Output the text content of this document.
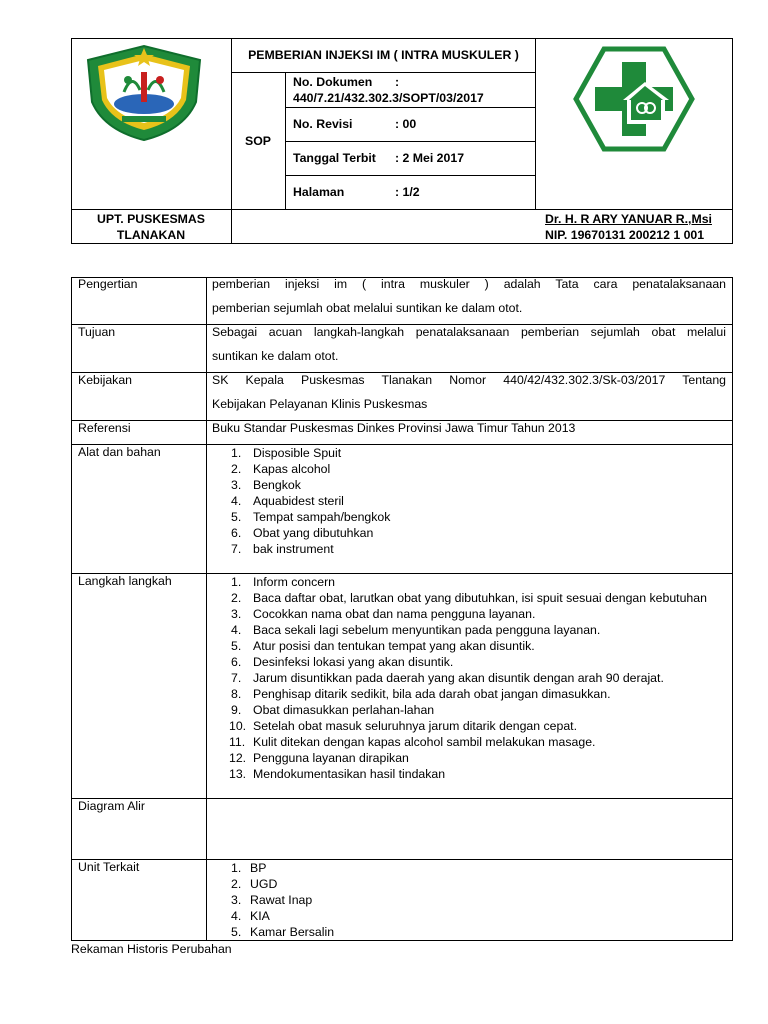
PEMBERIAN INJEKSI IM ( INTRA MUSKULER )
SOP
No. Dokumen :
440/7.21/432.302.3/SOPT/03/2017
No. Revisi	: 00
Tanggal Terbit : 2 Mei 2017
Halaman	: 1/2
UPT. PUSKESMAS
TLANAKAN
Dr. H. R ARY YANUAR R.,Msi
NIP. 19670131 200212 1 001
Pengertian	pemberian injeksi im ( intra muskuler ) adalah Tata cara penatalaksanaan
pemberian sejumlah obat melalui suntikan ke dalam otot.
Tujuan	Sebagai acuan langkah-langkah penatalaksanaan pemberian sejumlah obat melalui
suntikan ke dalam otot.
Kebijakan	SK Kepala Puskesmas Tlanakan Nomor 440/42/432.302.3/Sk-03/2017 Tentang
Kebijakan Pelayanan Klinis Puskesmas
Referensi	Buku Standar Puskesmas Dinkes Provinsi Jawa Timur Tahun 2013
Alat dan bahan	1. Disposible Spuit
2. Kapas alcohol
3. Bengkok
4. Aquabidest steril
5. Tempat sampah/bengkok
6. Obat yang dibutuhkan
7. bak instrument
Langkah langkah	1. Inform concern
2. Baca daftar obat, larutkan obat yang dibutuhkan, isi spuit sesuai dengan kebutuhan
3. Cocokkan nama obat dan nama pengguna layanan.
4. Baca sekali lagi sebelum menyuntikan pada pengguna layanan.
5. Atur posisi dan tentukan tempat yang akan disuntik.
6. Desinfeksi lokasi yang akan disuntik.
7. Jarum disuntikkan pada daerah yang akan disuntik dengan arah 90 derajat.
8. Penghisap ditarik sedikit, bila ada darah obat jangan dimasukkan.
9. Obat dimasukkan perlahan-lahan
10. Setelah obat masuk seluruhnya jarum ditarik dengan cepat.
11. Kulit ditekan dengan kapas alcohol sambil melakukan masage.
12. Pengguna layanan dirapikan
13. Mendokumentasikan hasil tindakan
Diagram Alir
Unit Terkait	1. BP
2. UGD
3. Rawat Inap
4. KIA
5. Kamar Bersalin
Rekaman Historis Perubahan
